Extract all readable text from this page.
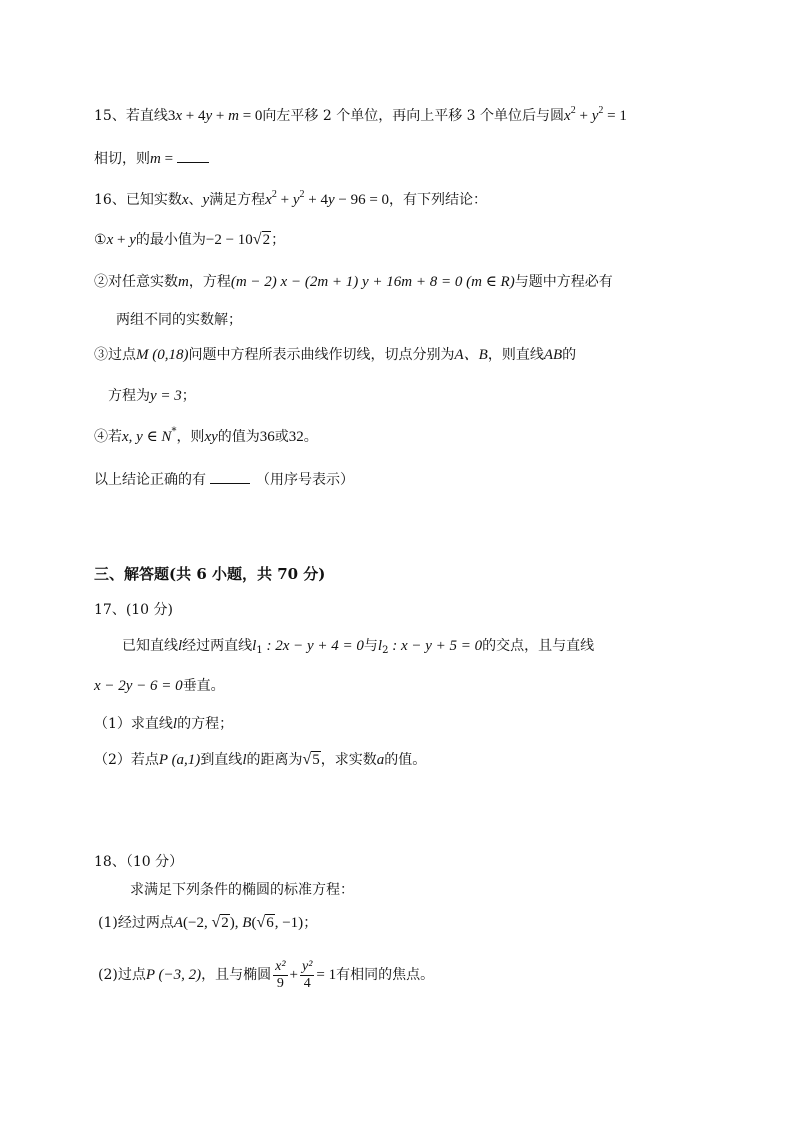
15、若直线3x + 4y + m = 0向左平移 2 个单位，再向上平移 3 个单位后与圆$x^2 + y^2 = 1$
相切，则m =
16、已知实数x、y满足方程$x^2 + y^2 + 4y - 96 = 0$，有下列结论：
①x + y的最小值为−2 − 10√2；
②对任意实数m，方程(m − 2) x − (2m + 1) y + 16m + 8 = 0 (m ∈ R)与题中方程必有
两组不同的实数解；
③过点M (0,18)问题中方程所表示曲线作切线，切点分别为A、B，则直线AB的
方程为y = 3；
④若x, y ∈ N*，则xy的值为36或32。
以上结论正确的有	（用序号表示）
三、解答题(共 6 小题，共 70 分)
17、(10 分)
已知直线l经过两直线$l_1$ : 2x − y + 4 = 0与$l_2$ : x − y + 5 = 0的交点，且与直线
x − 2y − 6 = 0垂直。
（1）求直线l的方程；
（2）若点P (a,1)到直线l的距离为√5，求实数a的值。
18、（10 分）
求满足下列条件的椭圆的标准方程：
(1)经过两点A(−2, √2), B(√6, −1)；
(2)过点P (−3, 2)，且与椭圆 $\frac{\text{x²}}{9} + \frac{\text{y²}}{4} = 1$有相同的焦点。
